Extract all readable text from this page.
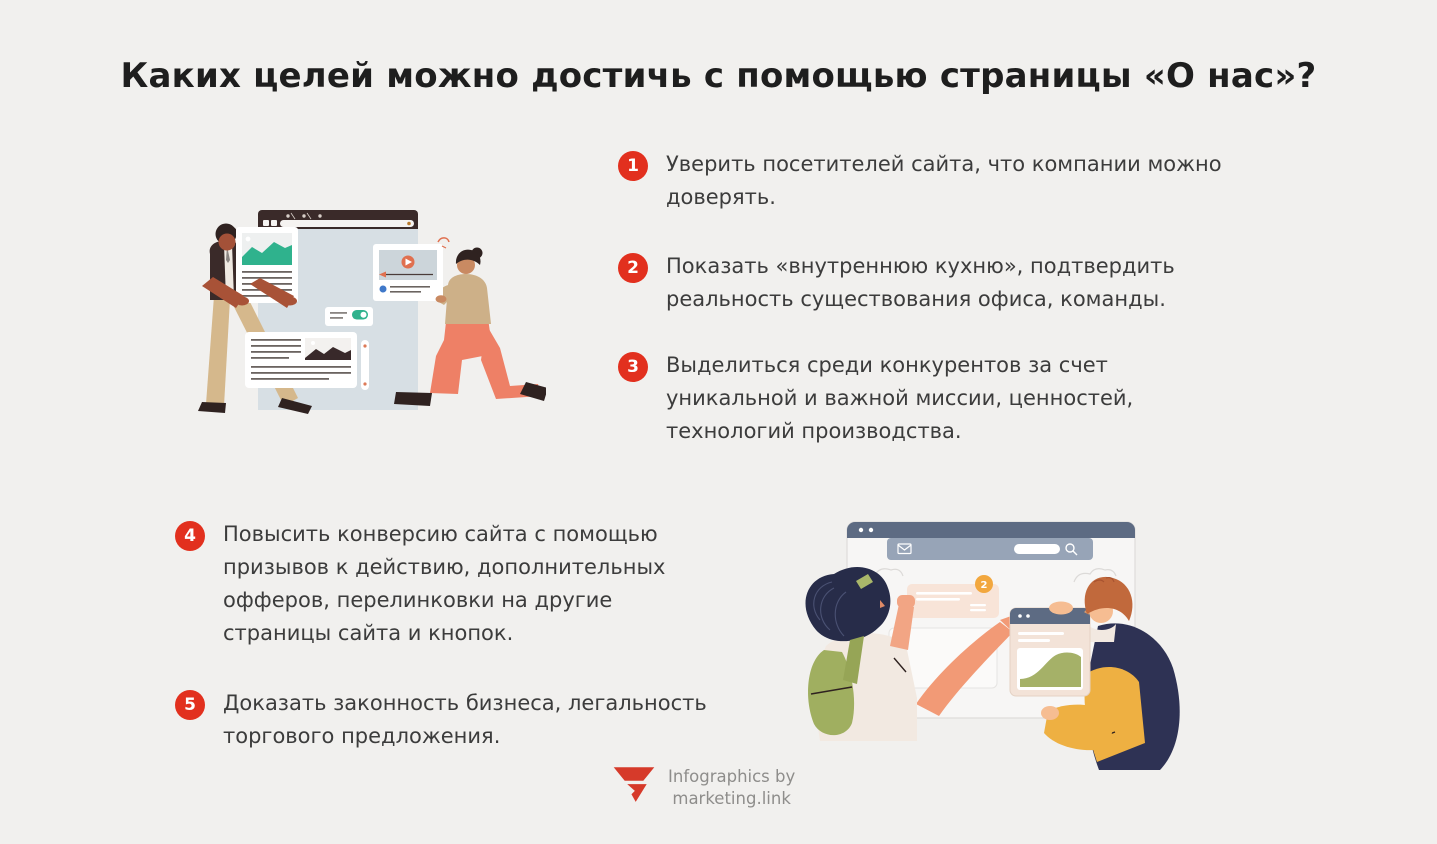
Каких целей можно достичь с помощью страницы «О нас»?
1	Уверить посетителей сайта, что компании можно доверять.
2	Показать «внутреннюю кухню», подтвердить реальность существования офиса, команды.
3	Выделиться среди конкурентов за счет уникальной и важной миссии, ценностей, технологий производства.
4	Повысить конверсию сайта с помощью призывов к действию, дополнительных офферов, перелинковки на другие страницы сайта и кнопок.
5	Доказать законность бизнеса, легальность торгового предложения.
2
Infographics by
marketing.link
